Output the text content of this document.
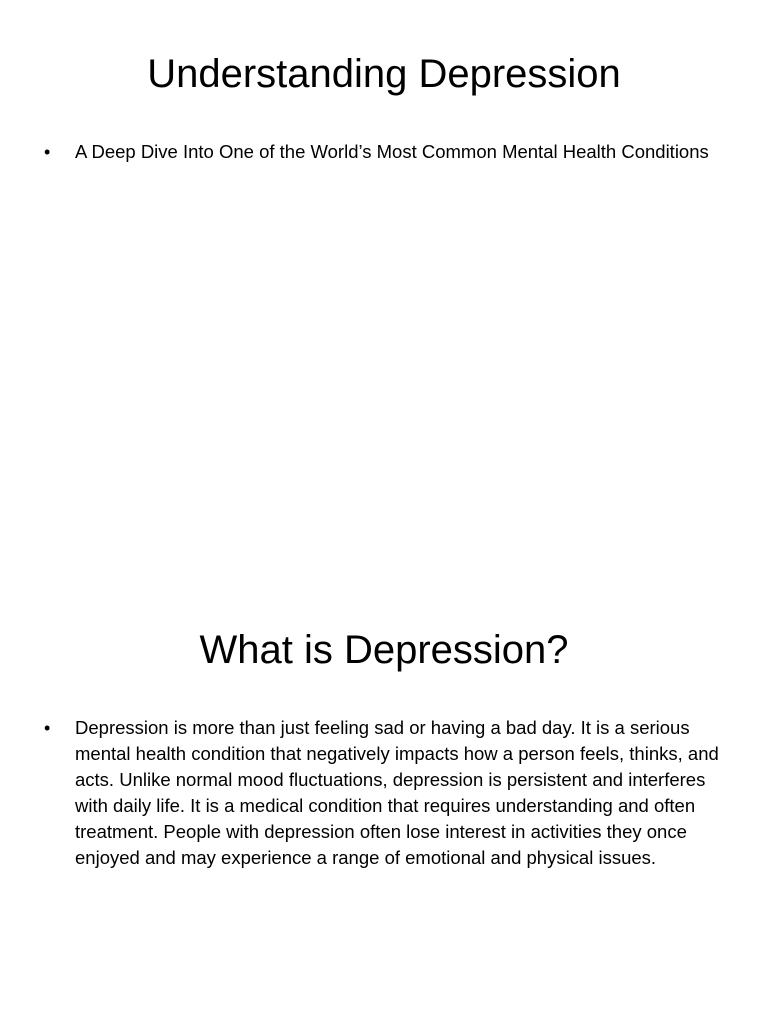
Understanding Depression
• A Deep Dive Into One of the World’s Most Common Mental Health Conditions
What is Depression?
• Depression is more than just feeling sad or having a bad day. It is a serious mental health condition that negatively impacts how a person feels, thinks, and acts. Unlike normal mood fluctuations, depression is persistent and interferes with daily life. It is a medical condition that requires understanding and often treatment. People with depression often lose interest in activities they once enjoyed and may experience a range of emotional and physical issues.
